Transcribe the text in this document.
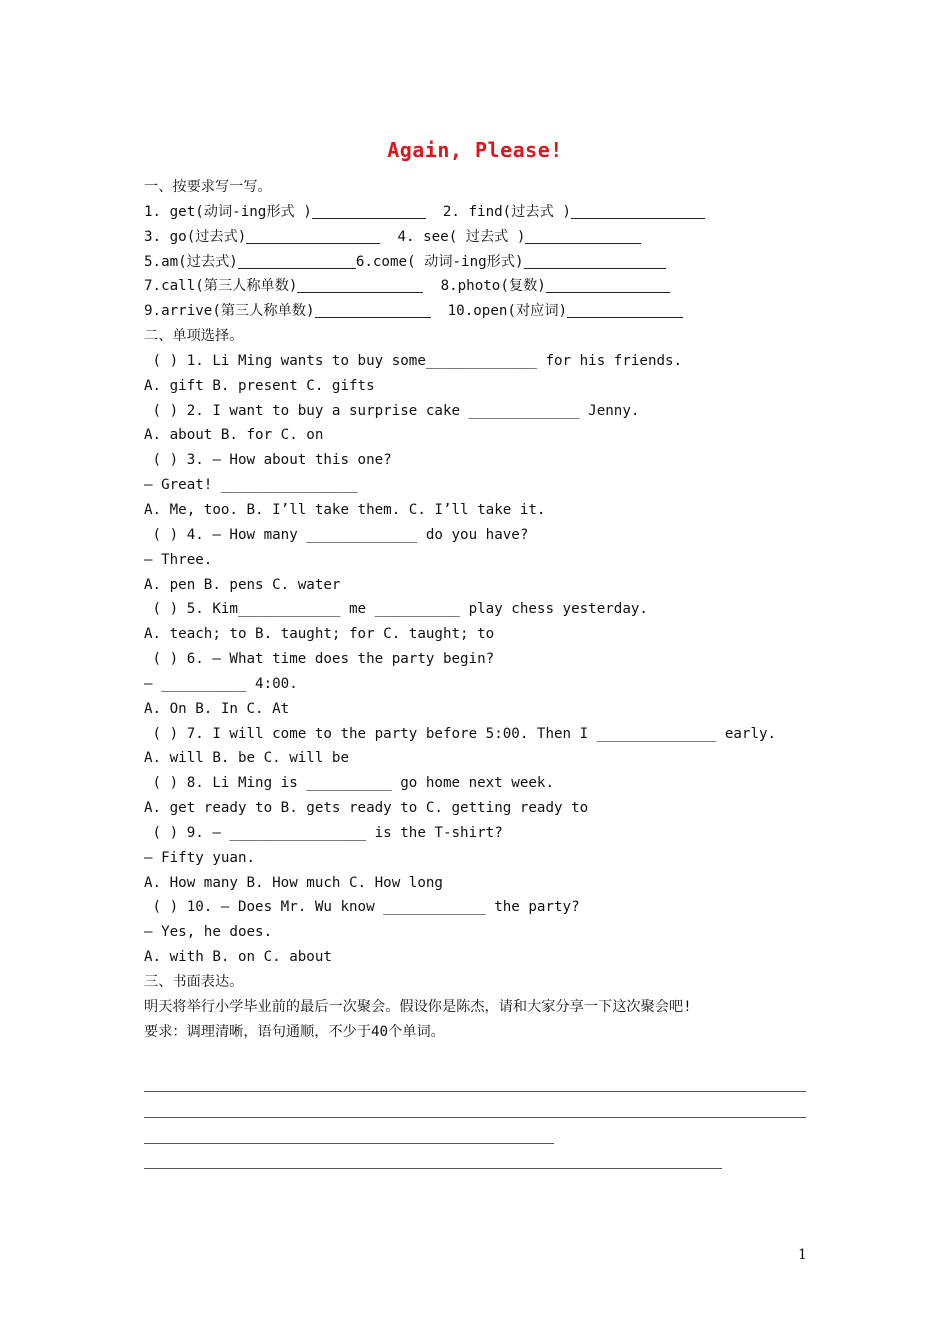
Again, Please!
一、按要求写一写。
1. get(动词-ing形式 )	2. find(过去式 )
3. go(过去式)	4. see( 过去式 )
5.am(过去式)	6.come( 动词-ing形式)
7.call(第三人称单数)	8.photo(复数)
9.arrive(第三人称单数)	10.open(对应词)
二、单项选择。
( ) 1. Li Ming wants to buy some_____________ for his friends.
A. gift B. present C. gifts
( ) 2. I want to buy a surprise cake _____________ Jenny.
A. about B. for C. on
( ) 3. — How about this one?
— Great! ________________
A. Me, too. B. I’ll take them. C. I’ll take it.
( ) 4. — How many _____________ do you have?
— Three.
A. pen B. pens C. water
( ) 5. Kim____________ me __________ play chess yesterday.
A. teach; to B. taught; for C. taught; to
( ) 6. — What time does the party begin?
— __________ 4:00.
A. On B. In C. At
( ) 7. I will come to the party before 5:00. Then I ______________ early.
A. will B. be C. will be
( ) 8. Li Ming is __________ go home next week.
A. get ready to B. gets ready to C. getting ready to
( ) 9. — ________________ is the T-shirt?
— Fifty yuan.
A. How many B. How much C. How long
( ) 10. — Does Mr. Wu know ____________ the party?
— Yes, he does.
A. with B. on C. about
三、书面表达。
明天将举行小学毕业前的最后一次聚会。假设你是陈杰，请和大家分享一下这次聚会吧!
要求：调理清晰，语句通顺，不少于40个单词。
1
